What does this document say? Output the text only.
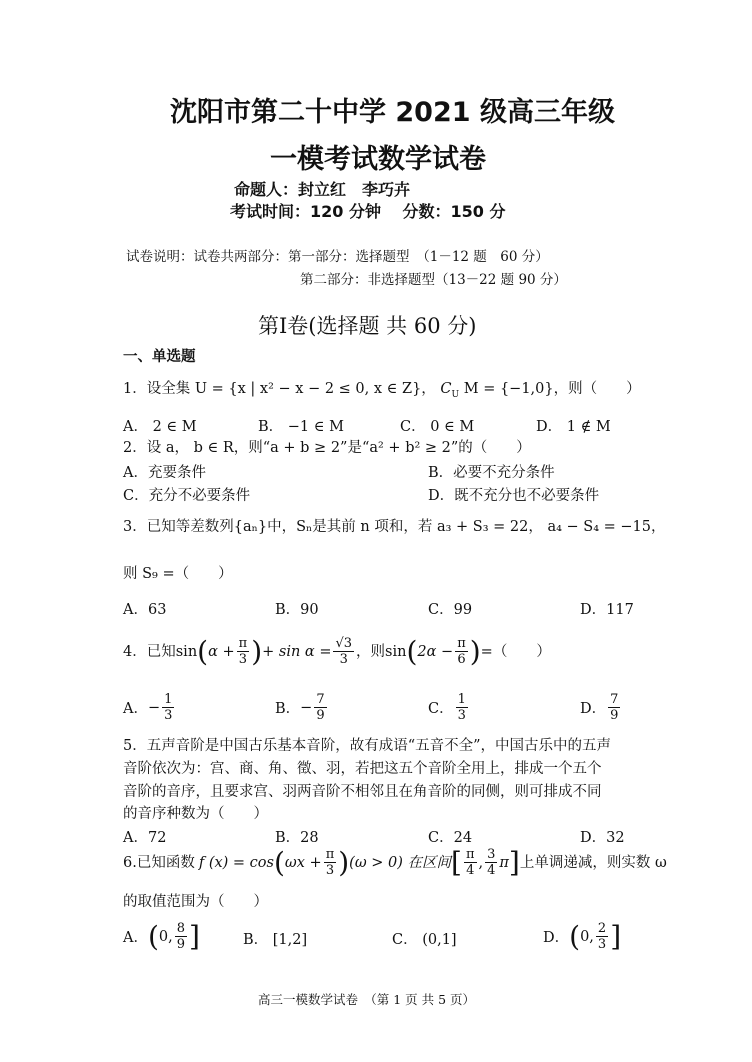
沈阳市第二十中学 2021 级高三年级
一模考试数学试卷
命题人：封立红　李巧卉
考试时间：120 分钟　 分数：150 分
试卷说明：试卷共两部分：第一部分：选择题型　（1－12 题　60 分）
第二部分：非选择题型（13－22 题 90 分）
第Ⅰ卷(选择题 共 60 分)
一、单选题
1．设全集 U = {x | x² − x − 2 ≤ 0, x ∈ Z}， $C_U$ M = {−1,0}，则（　　）
A． 2 ∈ M	B． −1 ∈ M	C． 0 ∈ M	D． 1 ∉ M
2．设 a， b ∈ R，则“a + b ≥ 2”是“a² + b² ≥ 2”的（　　）
A．充要条件	B．必要不充分条件
C．充分不必要条件	D．既不充分也不必要条件
3．已知等差数列{aₙ}中，Sₙ是其前 n 项和，若 a₃ + S₃ = 22， a₄ − S₄ = −15，
则 S₉ =（　　）
A．63	B．90	C．99	D．117
4．已知 sin ( $\alpha + \frac{\pi}{3}$ ) + $\sin \alpha = \frac{√3}{3}$ ，则 sin ( $2\alpha - \frac{\pi}{6}$ ) =（　　）
A． − $\frac{1}{3}$	B． − $\frac{7}{9}$	C． $\frac{1}{3}$	D． $\frac{7}{9}$
5．五声音阶是中国古乐基本音阶，故有成语“五音不全”，中国古乐中的五声
音阶依次为：宫、商、角、徵、羽，若把这五个音阶全用上，排成一个五个
音阶的音序，且要求宫、羽两音阶不相邻且在角音阶的同侧，则可排成不同
的音序种数为（　　）
A．72	B．28	C．24	D．32
6.已知函数 f (x) = cos ( $\omega x + \frac{\pi}{3}$ ) (ω > 0) 在区间 [ $\frac{\pi}{4}$ , $\frac{3}{4}$ π ] 上单调递减，则实数 ω
的取值范围为（　　）
A． ( 0, $\frac{8}{9}$ ]	B． [1,2]	C． (0,1]	D． ( 0, $\frac{2}{3}$ ]
高三一模数学试卷　（第 1 页 共 5 页）
